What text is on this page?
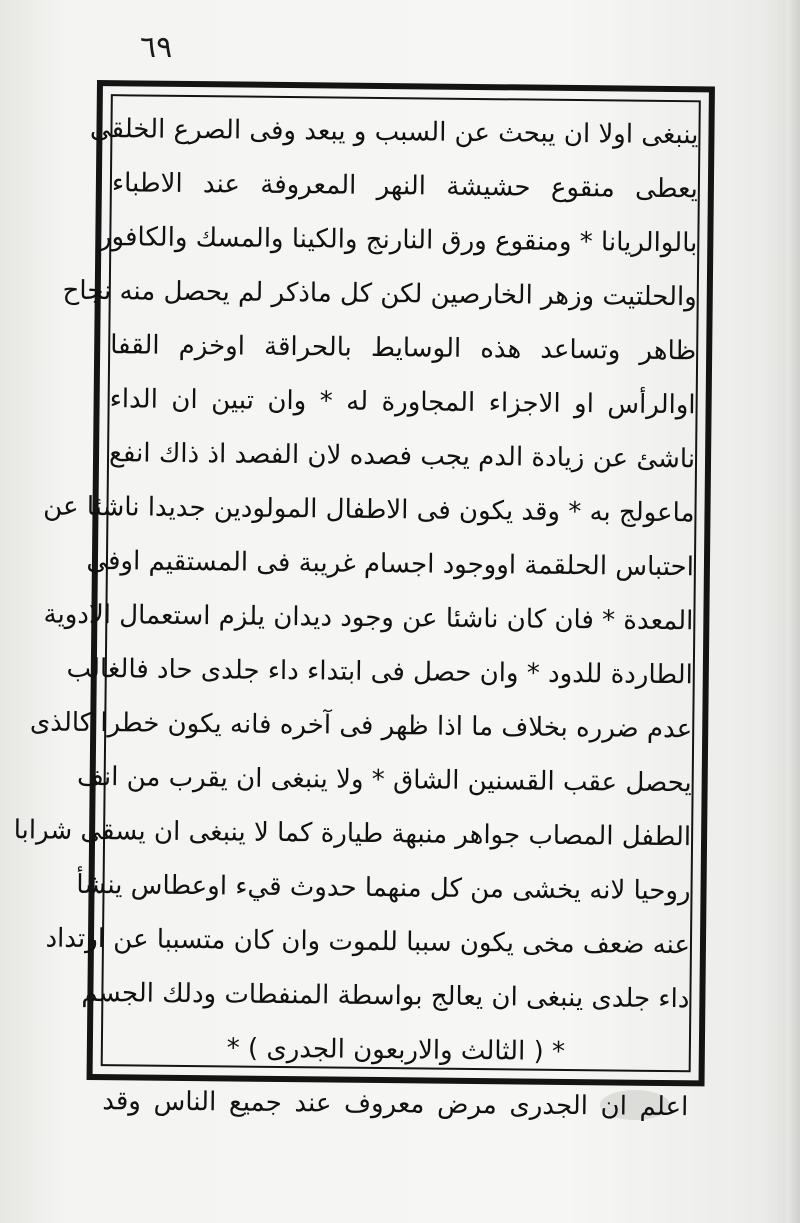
٦٩
ينبغى اولا ان يبحث عن السبب و يبعد وفى الصرع الخلقى
يعطى منقوع حشيشة النهر المعروفة عند الاطباء
بالوالريانا * ومنقوع ورق النارنج والكينا والمسك والكافور
والحلتيت وزهر الخارصين لكن كل ماذكر لم يحصل منه نجاح
ظاهر وتساعد هذه الوسايط بالحراقة اوخزم القفا
اوالرأس او الاجزاء المجاورة له * وان تبين ان الداء
ناشئ عن زيادة الدم يجب فصده لان الفصد اذ ذاك انفع
ماعولج به * وقد يكون فى الاطفال المولودين جديدا ناشئا عن
احتباس الحلقمة اووجود اجسام غريبة فى المستقيم اوفى
المعدة * فان كان ناشئا عن وجود ديدان يلزم استعمال الادوية
الطاردة للدود * وان حصل فى ابتداء داء جلدى حاد فالغالب
عدم ضرره بخلاف ما اذا ظهر فى آخره فانه يكون خطرا كالذى
يحصل عقب القسنين الشاق * ولا ينبغى ان يقرب من انف
الطفل المصاب جواهر منبهة طيارة كما لا ينبغى ان يسقى شرابا
روحيا لانه يخشى من كل منهما حدوث قيء اوعطاس ينشأ
عنه ضعف مخى يكون سببا للموت وان كان متسببا عن ارتداد
داء جلدى ينبغى ان يعالج بواسطة المنفطات ودلك الجسم
* ( الثالث والاربعون الجدرى ) *
اعلم ان الجدرى مرض معروف عند جميع الناس وقد
